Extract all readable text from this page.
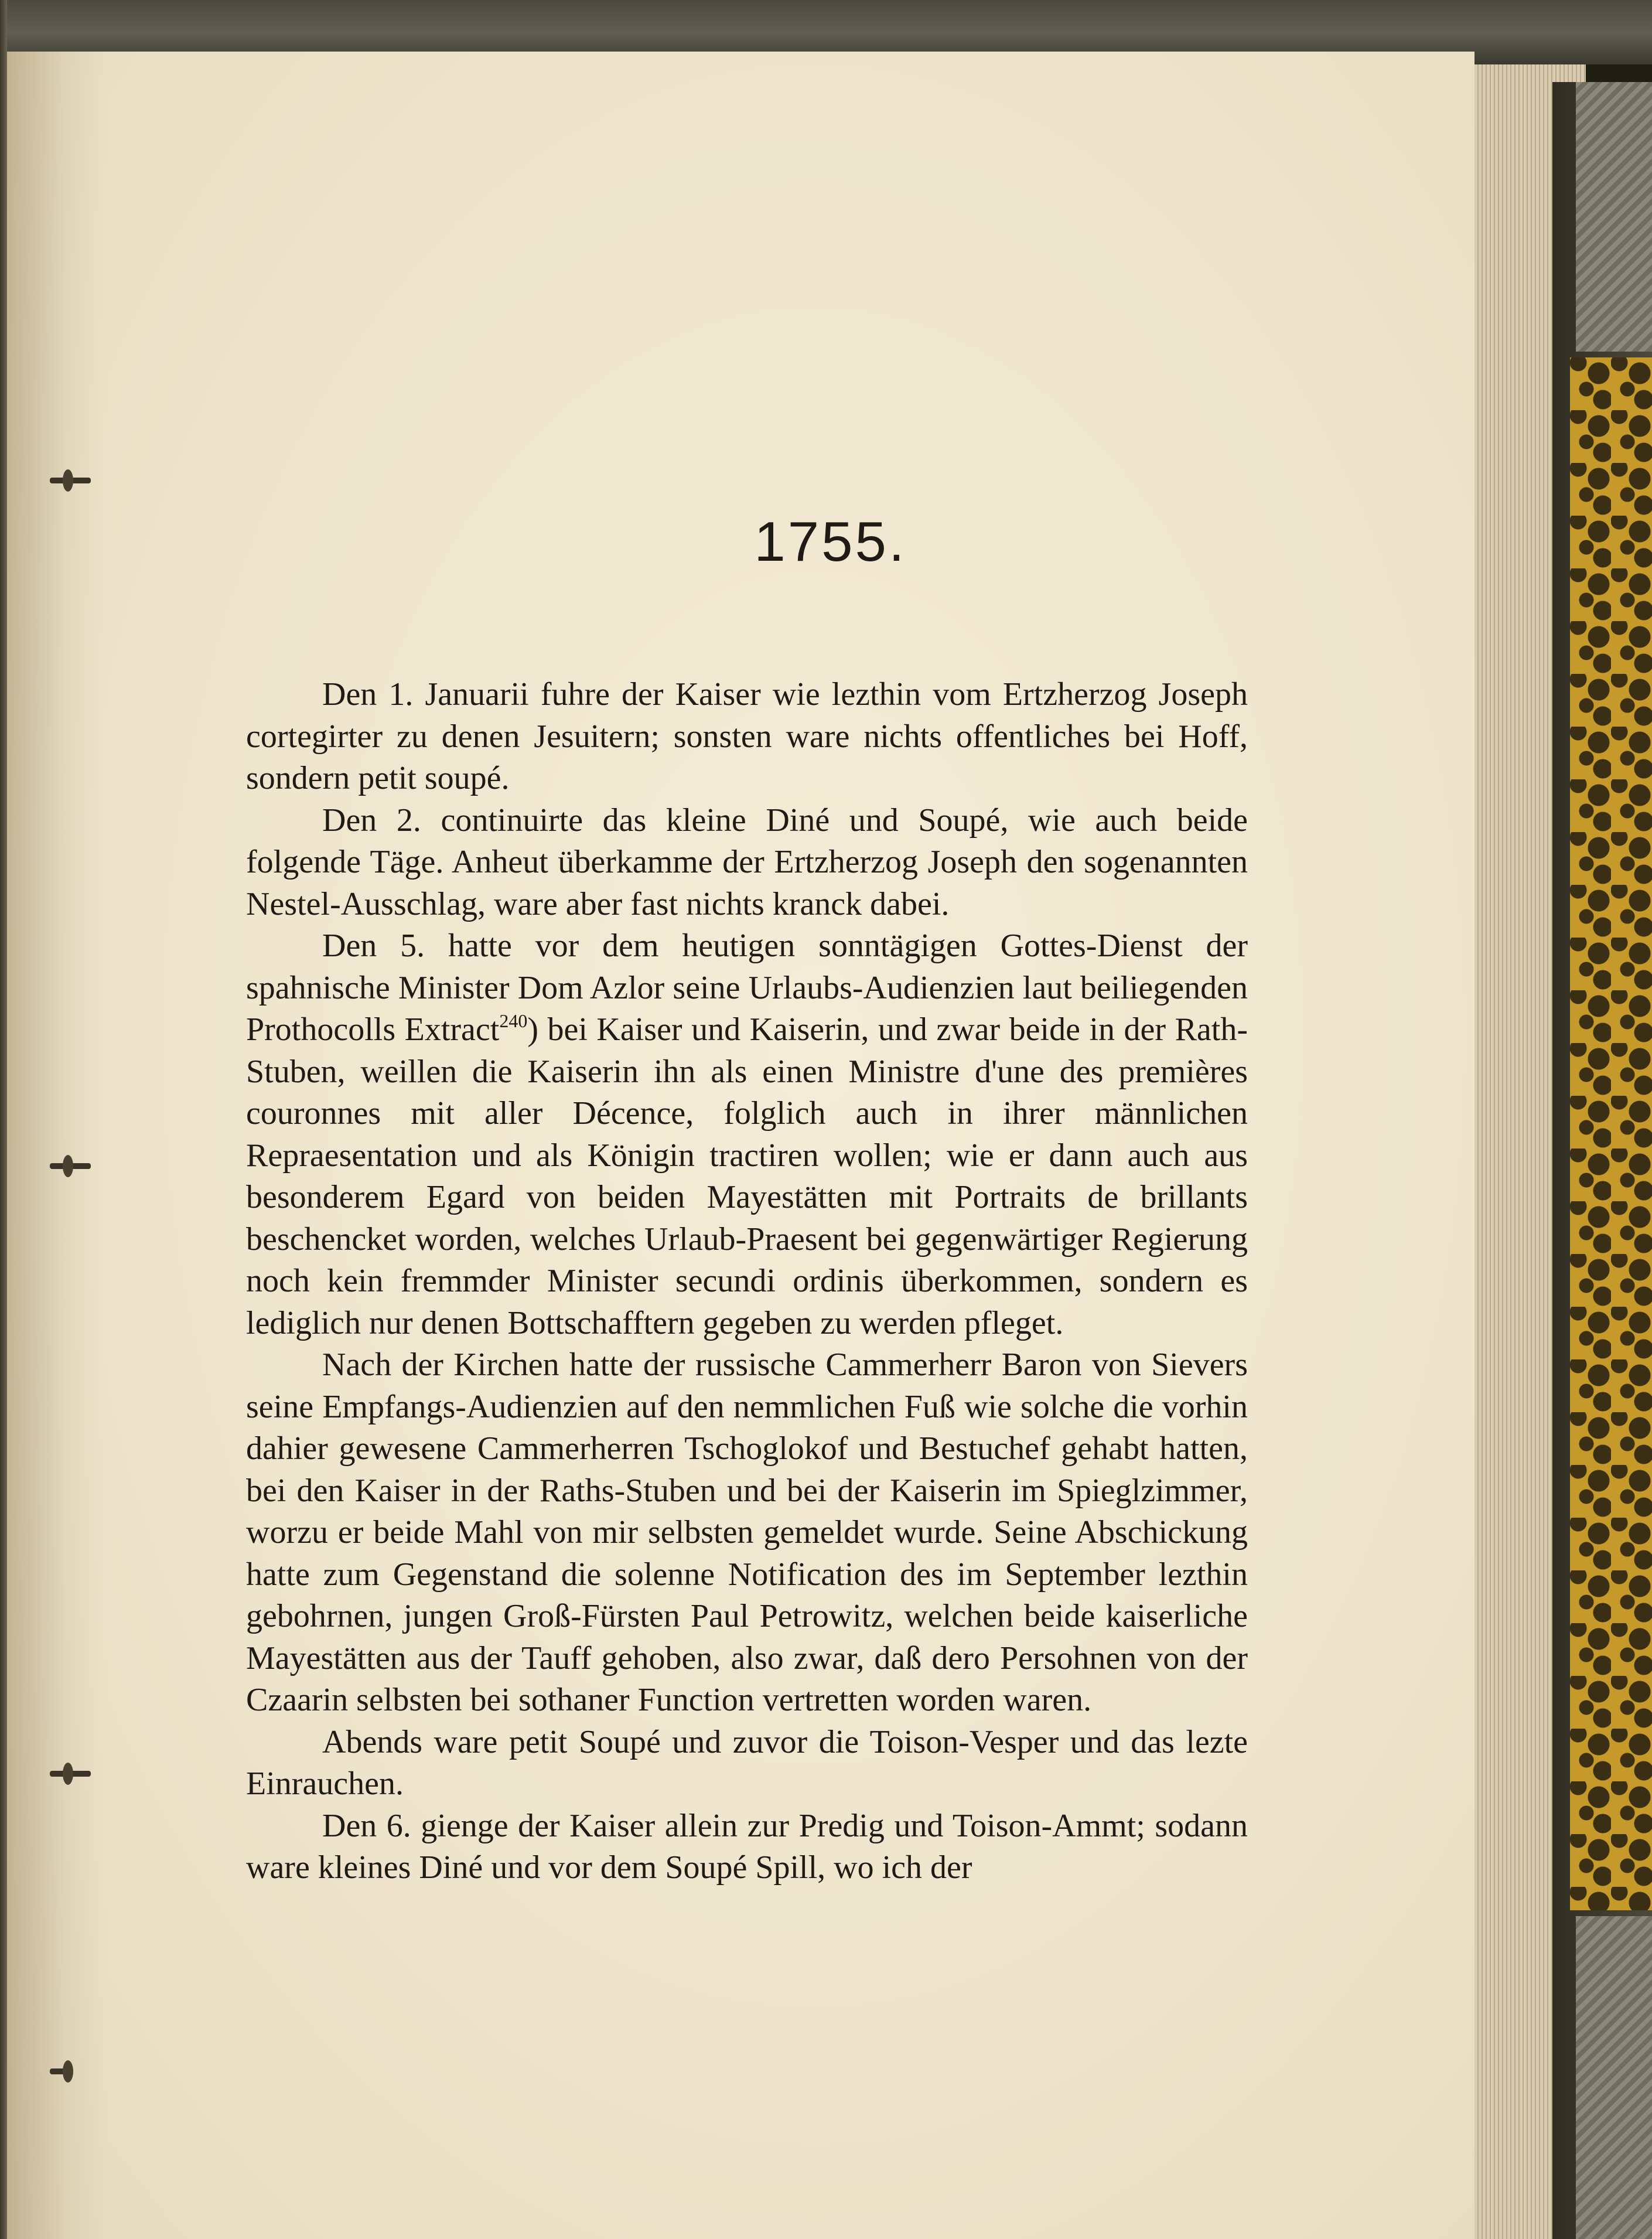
1755.

Den 1. Januarii fuhre der Kaiser wie lezthin vom Ertzherzog Joseph cortegirter zu denen Jesuitern; sonsten ware nichts offentliches bei Hoff, sondern petit soupé.

Den 2. continuirte das kleine Diné und Soupé, wie auch beide folgende Täge. Anheut überkamme der Ertzherzog Joseph den sogenannten Nestel-Ausschlag, ware aber fast nichts kranck dabei.

Den 5. hatte vor dem heutigen sonntägigen Gottes-Dienst der spahnische Minister Dom Azlor seine Urlaubs-Audienzien laut beiliegenden Prothocolls Extract$^{240}$) bei Kaiser und Kaiserin, und zwar beide in der Rath-Stuben, weillen die Kaiserin ihn als einen Ministre d'une des premières couronnes mit aller Décence, folglich auch in ihrer männlichen Repraesentation und als Königin tractiren wollen; wie er dann auch aus besonderem Egard von beiden Mayestätten mit Portraits de brillants beschencket worden, welches Urlaub-Praesent bei gegenwärtiger Regierung noch kein fremmder Minister secundi ordinis überkommen, sondern es lediglich nur denen Bottschafftern gegeben zu werden pfleget.

Nach der Kirchen hatte der russische Cammerherr Baron von Sievers seine Empfangs-Audienzien auf den nemmlichen Fuß wie solche die vorhin dahier gewesene Cammerherren Tschoglokof und Bestuchef gehabt hatten, bei den Kaiser in der Raths-Stuben und bei der Kaiserin im Spieglzimmer, worzu er beide Mahl von mir selbsten gemeldet wurde. Seine Abschickung hatte zum Gegenstand die solenne Notification des im September lezthin gebohrnen, jungen Groß-Fürsten Paul Petrowitz, welchen beide kaiserliche Mayestätten aus der Tauff gehoben, also zwar, daß dero Persohnen von der Czaarin selbsten bei sothaner Function vertretten worden waren.

Abends ware petit Soupé und zuvor die Toison-Vesper und das lezte Einrauchen.

Den 6. gienge der Kaiser allein zur Predig und Toison-Ammt; sodann ware kleines Diné und vor dem Soupé Spill, wo ich der
